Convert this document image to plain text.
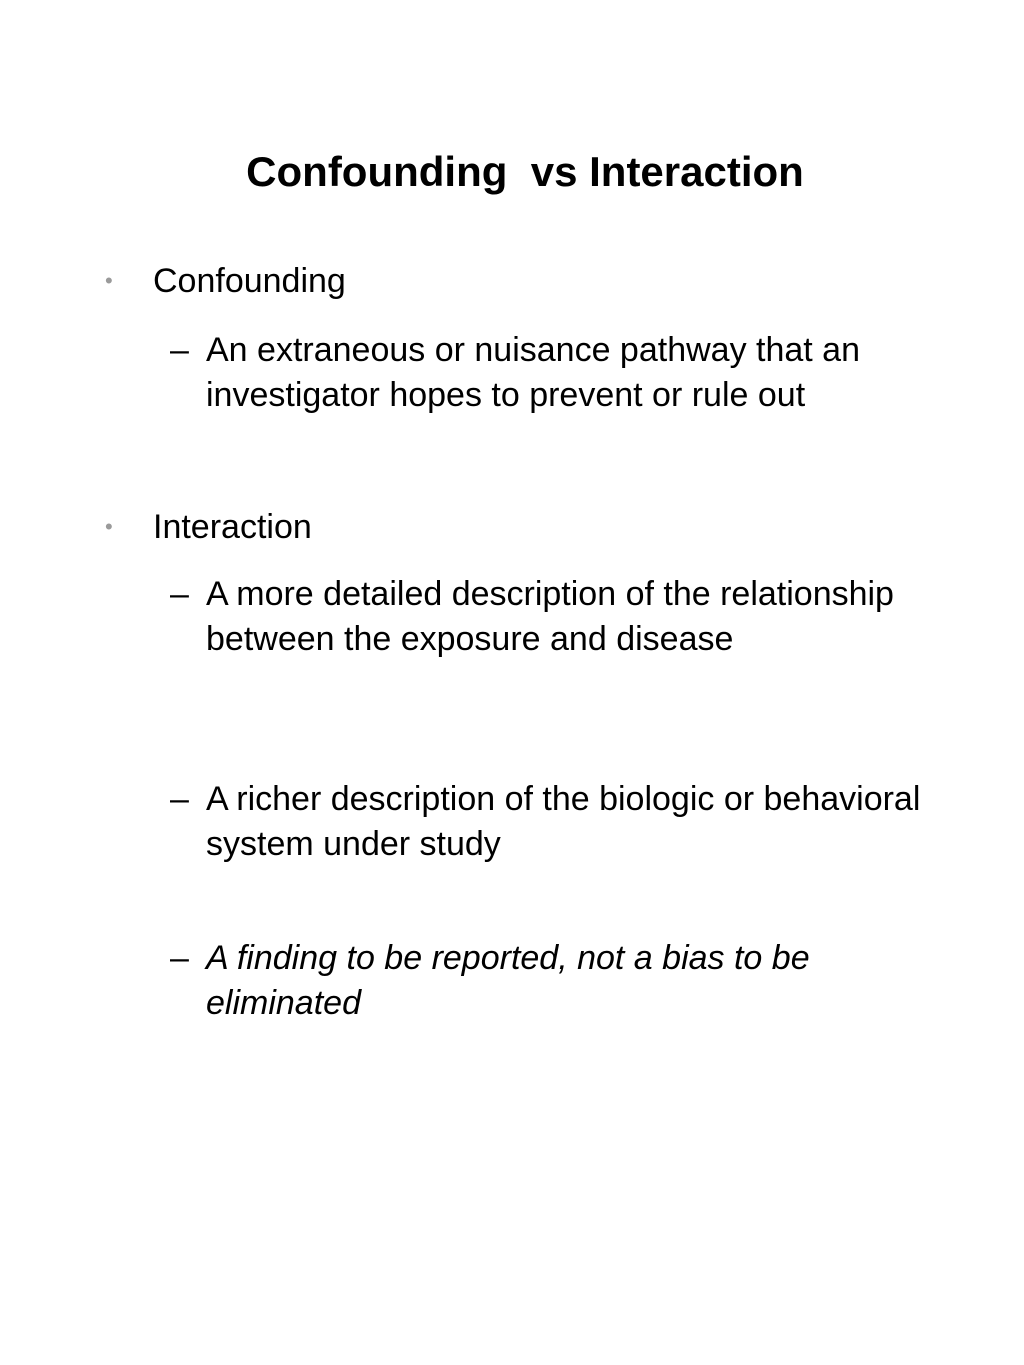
Confounding  vs Interaction
•	Confounding
– An extraneous or nuisance pathway that an investigator hopes to prevent or rule out
•	Interaction
– A more detailed description of the relationship between the exposure and disease
– A richer description of the biologic or behavioral system under study
– A finding to be reported, not a bias to be eliminated
